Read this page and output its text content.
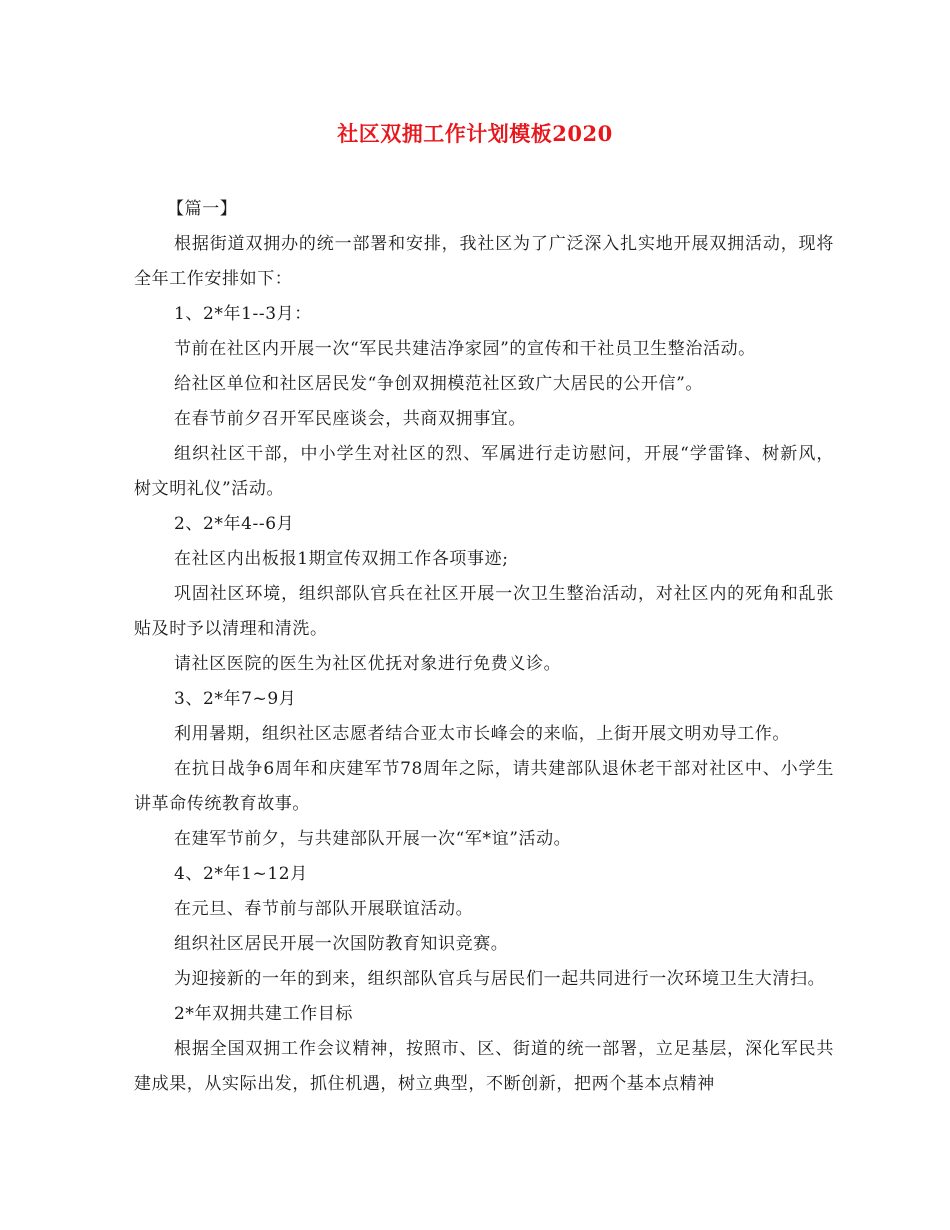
社区双拥工作计划模板2020

【篇一】

根据街道双拥办的统一部署和安排，我社区为了广泛深入扎实地开展双拥活动，现将全年工作安排如下：

1、2*年1--3月：

节前在社区内开展一次“军民共建洁净家园”的宣传和干社员卫生整治活动。

给社区单位和社区居民发“争创双拥模范社区致广大居民的公开信”。

在春节前夕召开军民座谈会，共商双拥事宜。

组织社区干部，中小学生对社区的烈、军属进行走访慰问，开展“学雷锋、树新风，树文明礼仪”活动。

2、2*年4--6月

在社区内出板报1期宣传双拥工作各项事迹;

巩固社区环境，组织部队官兵在社区开展一次卫生整治活动，对社区内的死角和乱张贴及时予以清理和清洗。

请社区医院的医生为社区优抚对象进行免费义诊。

3、2*年7~9月

利用暑期，组织社区志愿者结合亚太市长峰会的来临，上街开展文明劝导工作。

在抗日战争6周年和庆建军节78周年之际，请共建部队退休老干部对社区中、小学生讲革命传统教育故事。

在建军节前夕，与共建部队开展一次“军*谊”活动。

4、2*年1~12月

在元旦、春节前与部队开展联谊活动。

组织社区居民开展一次国防教育知识竞赛。

为迎接新的一年的到来，组织部队官兵与居民们一起共同进行一次环境卫生大清扫。

2*年双拥共建工作目标

根据全国双拥工作会议精神，按照市、区、街道的统一部署，立足基层，深化军民共建成果，从实际出发，抓住机遇，树立典型，不断创新，把两个基本点精神
